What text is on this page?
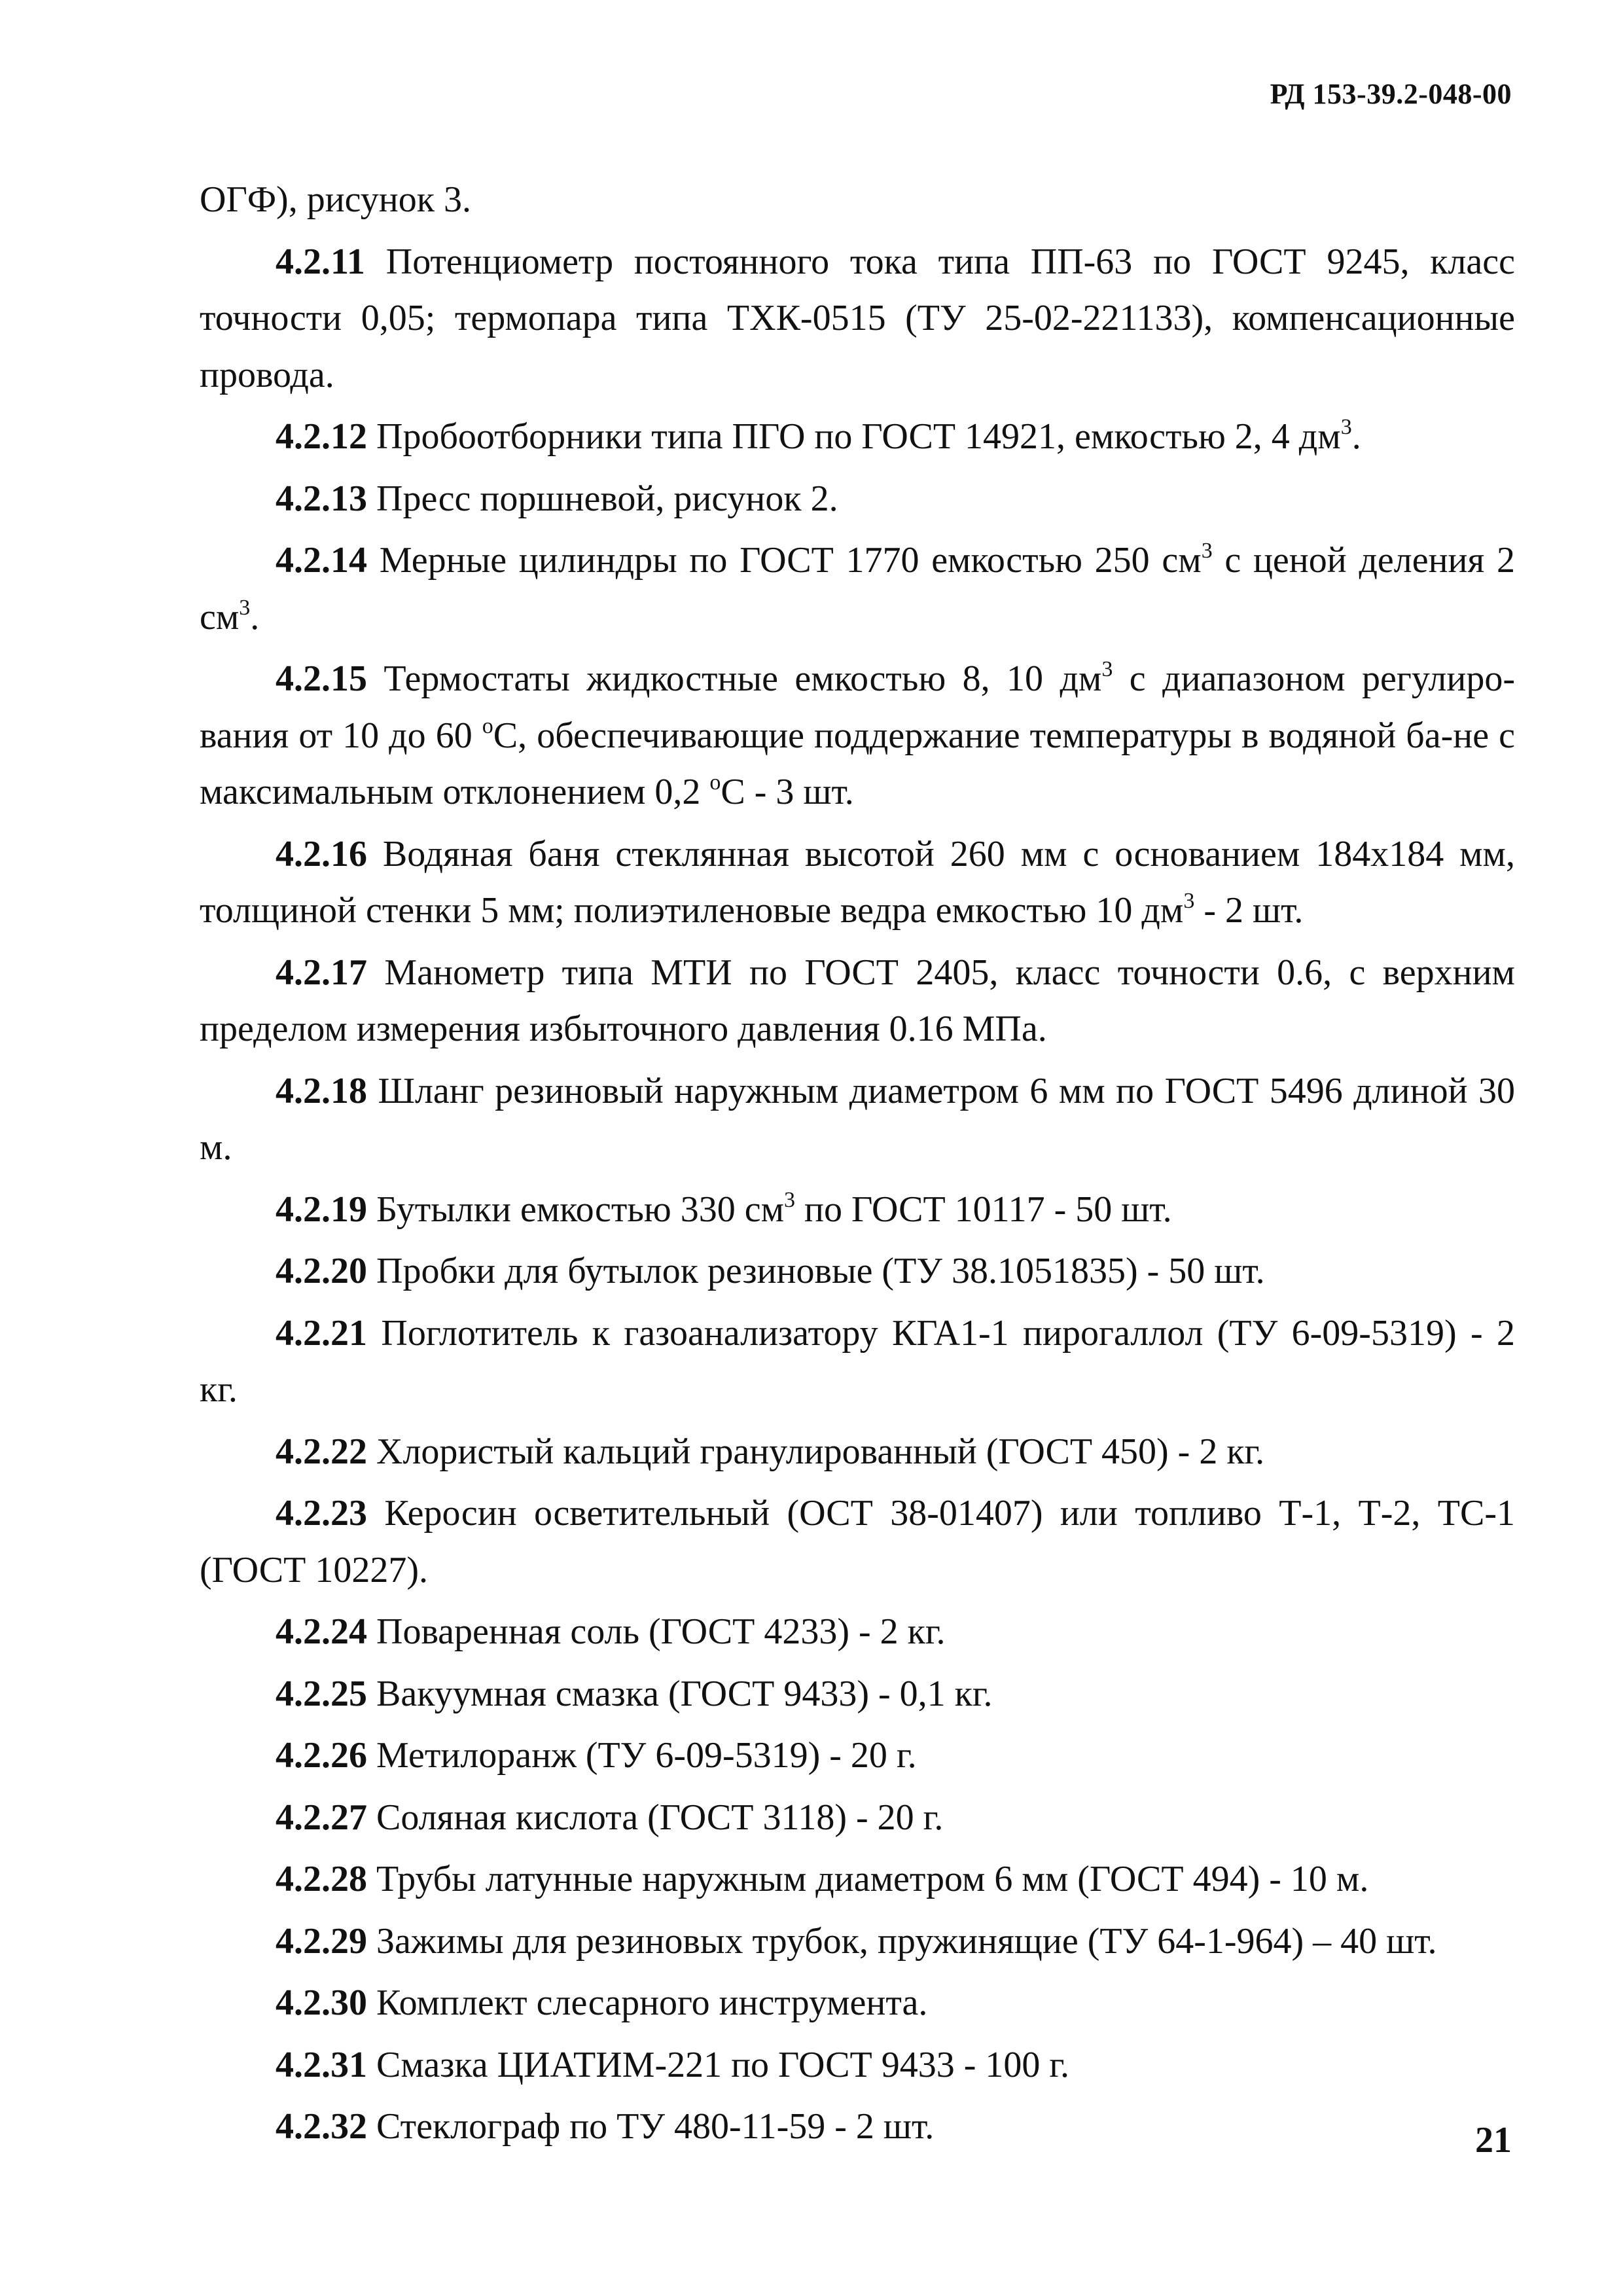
РД 153-39.2-048-00

ОГФ), рисунок 3.

4.2.11 Потенциометр постоянного тока типа ПП-63 по ГОСТ 9245, класс точности 0,05; термопара типа ТХК-0515 (ТУ 25-02-221133), компенсационные провода.

4.2.12 Пробоотборники типа ПГО по ГОСТ 14921, емкостью 2, 4 $дм^3$.

4.2.13 Пресс поршневой, рисунок 2.

4.2.14 Мерные цилиндры по ГОСТ 1770 емкостью 250 $см^3$ с ценой деления 2 $см^3$.

4.2.15 Термостаты жидкостные емкостью 8, 10 $дм^3$ с диапазоном регулиро-вания от 10 до 60 $^о$С, обеспечивающие поддержание температуры в водяной ба-не с максимальным отклонением 0,2 $^о$С - 3 шт.

4.2.16 Водяная баня стеклянная высотой 260 мм с основанием 184х184 мм, толщиной стенки 5 мм; полиэтиленовые ведра емкостью 10 $дм^3 - 2$ шт.

4.2.17 Манометр типа МТИ по ГОСТ 2405, класс точности 0.6, с верхним пределом измерения избыточного давления 0.16 МПа.

4.2.18 Шланг резиновый наружным диаметром 6 мм по ГОСТ 5496 длиной 30 м.

4.2.19 Бутылки емкостью 330 $см^3$ по ГОСТ 10117 - 50 шт.

4.2.20 Пробки для бутылок резиновые (ТУ 38.1051835) - 50 шт.

4.2.21 Поглотитель к газоанализатору КГА1-1 пирогаллол (ТУ 6-09-5319) - 2 кг.

4.2.22 Хлористый кальций гранулированный (ГОСТ 450) - 2 кг.

4.2.23 Керосин осветительный (ОСТ 38-01407) или топливо Т-1, Т-2, ТС-1 (ГОСТ 10227).

4.2.24 Поваренная соль (ГОСТ 4233) - 2 кг.

4.2.25 Вакуумная смазка (ГОСТ 9433) - 0,1 кг.

4.2.26 Метилоранж (ТУ 6-09-5319) - 20 г.

4.2.27 Соляная кислота (ГОСТ 3118) - 20 г.

4.2.28 Трубы латунные наружным диаметром 6 мм (ГОСТ 494) - 10 м.

4.2.29 Зажимы для резиновых трубок, пружинящие (ТУ 64-1-964) – 40 шт.

4.2.30 Комплект слесарного инструмента.

4.2.31 Смазка ЦИАТИМ-221 по ГОСТ 9433 - 100 г.

4.2.32 Стеклограф по ТУ 480-11-59 - 2 шт.	21
